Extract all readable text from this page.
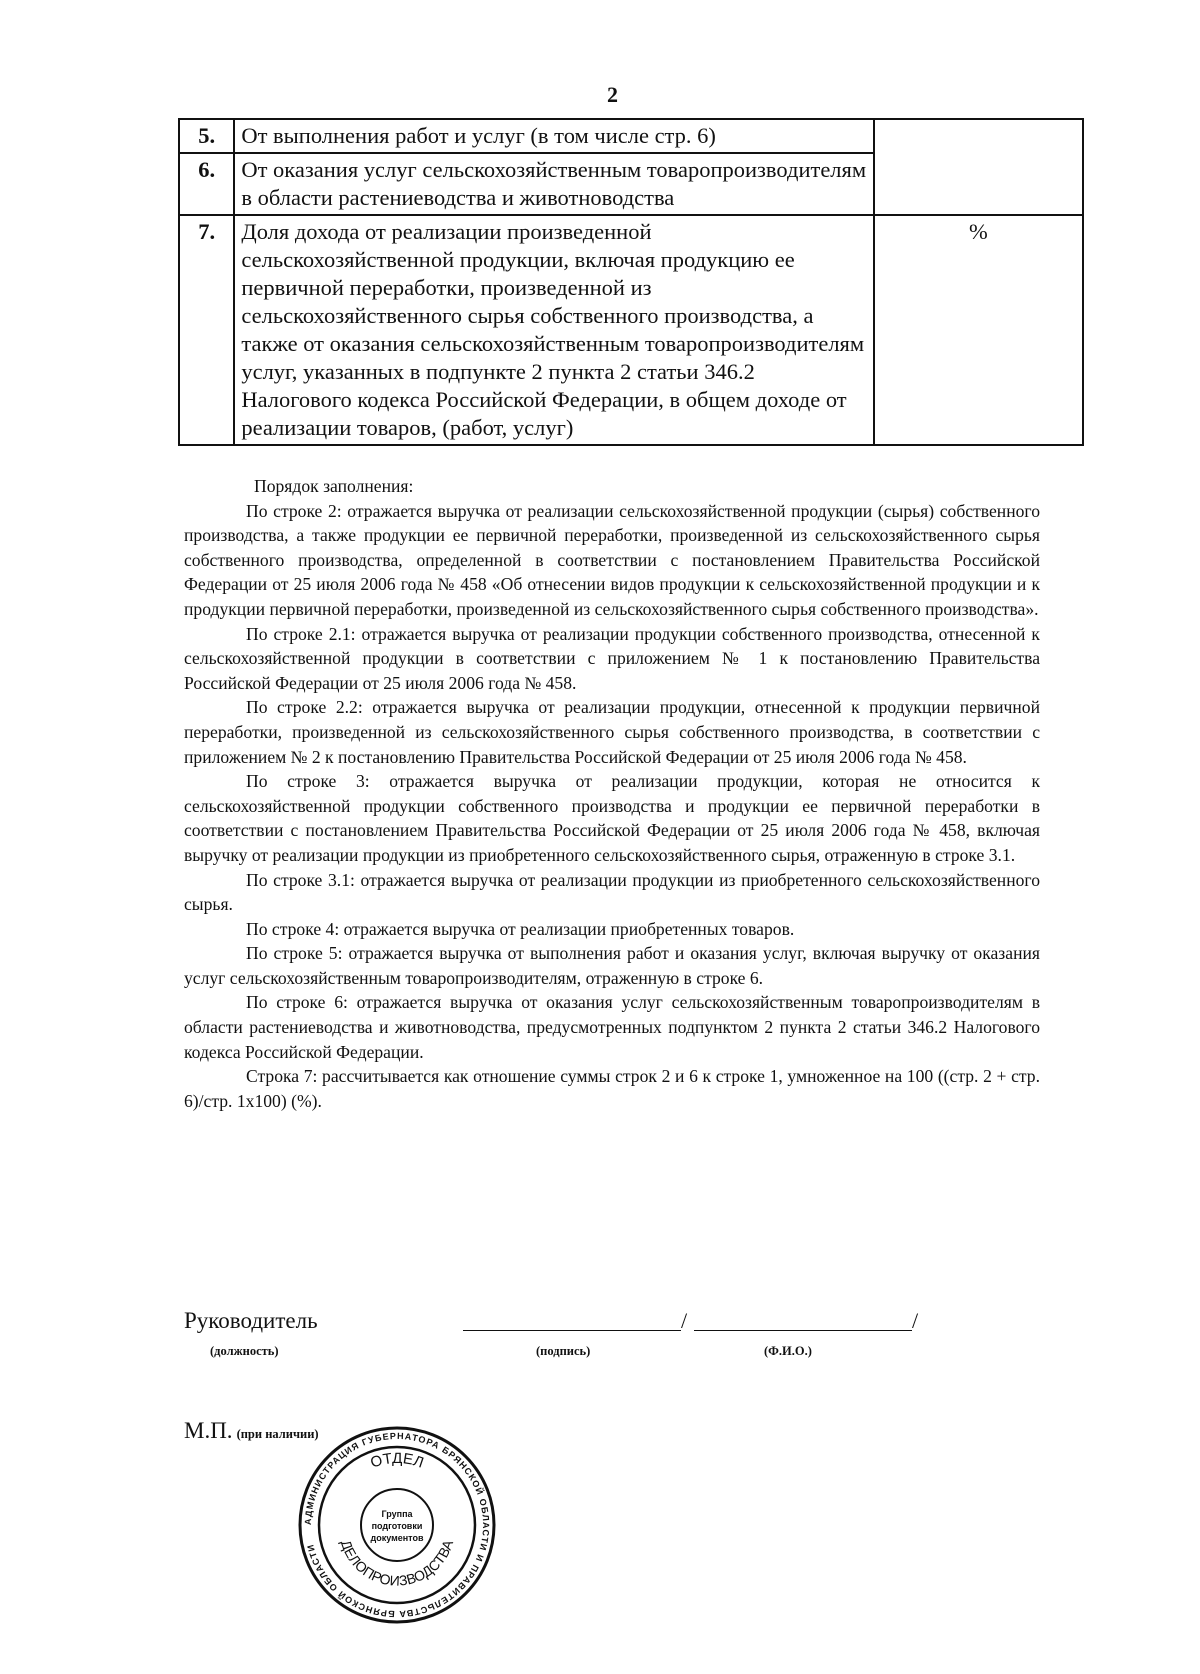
2
5.	От выполнения работ и услуг (в том числе стр. 6)	
6.	От оказания услуг сельскохозяйственным товаропроизводителям в области растениеводства и животноводства	
7.	Доля дохода от реализации произведенной сельскохозяйственной продукции, включая продукцию ее первичной переработки, произведенной из сельскохозяйственного сырья собственного производства, а также от оказания сельскохозяйственным товаропроизводителям услуг, указанных в подпункте 2 пункта 2 статьи 346.2 Налогового кодекса Российской Федерации, в общем доходе от реализации товаров, (работ, услуг)	%

Порядок заполнения:

По строке 2: отражается выручка от реализации сельскохозяйственной продукции (сырья) собственного производства, а также продукции ее первичной переработки, произведенной из сельскохозяйственного сырья собственного производства, определенной в соответствии с постановлением Правительства Российской Федерации от 25 июля 2006 года № 458 «Об отнесении видов продукции к сельскохозяйственной продукции и к продукции первичной переработки, произведенной из сельскохозяйственного сырья собственного производства».

По строке 2.1: отражается выручка от реализации продукции собственного производства, отнесенной к сельскохозяйственной продукции в соответствии с приложением № 1 к постановлению Правительства Российской Федерации от 25 июля 2006 года № 458.

По строке 2.2: отражается выручка от реализации продукции, отнесенной к продукции первичной переработки, произведенной из сельскохозяйственного сырья собственного производства, в соответствии с приложением № 2 к постановлению Правительства Российской Федерации от 25 июля 2006 года № 458.

По строке 3: отражается выручка от реализации продукции, которая не относится к сельскохозяйственной продукции собственного производства и продукции ее первичной переработки в соответствии с постановлением Правительства Российской Федерации от 25 июля 2006 года № 458, включая выручку от реализации продукции из приобретенного сельскохозяйственного сырья, отраженную в строке 3.1.

По строке 3.1: отражается выручка от реализации продукции из приобретенного сельскохозяйственного сырья.

По строке 4: отражается выручка от реализации приобретенных товаров.

По строке 5: отражается выручка от выполнения работ и оказания услуг, включая выручку от оказания услуг сельскохозяйственным товаропроизводителям, отраженную в строке 6.

По строке 6: отражается выручка от оказания услуг сельскохозяйственным товаропроизводителям в области растениеводства и животноводства, предусмотренных подпунктом 2 пункта 2 статьи 346.2 Налогового кодекса Российской Федерации.

Строка 7: рассчитывается как отношение суммы строк 2 и 6 к строке 1, умноженное на 100 ((стр. 2 + стр. 6)/стр. 1х100) (%).

Руководитель	/	/
(должность)	(подпись)	(Ф.И.О.)
М.П. (при наличии)
АДМИНИСТРАЦИЯ ГУБЕРНАТОРА БРЯНСКОЙ ОБЛАСТИ И ПРАВИТЕЛЬСТВА БРЯНСКОЙ ОБЛАСТИ
ОТДЕЛ
ДЕЛОПРОИЗВОДСТВА
Группа
подготовки
документов
